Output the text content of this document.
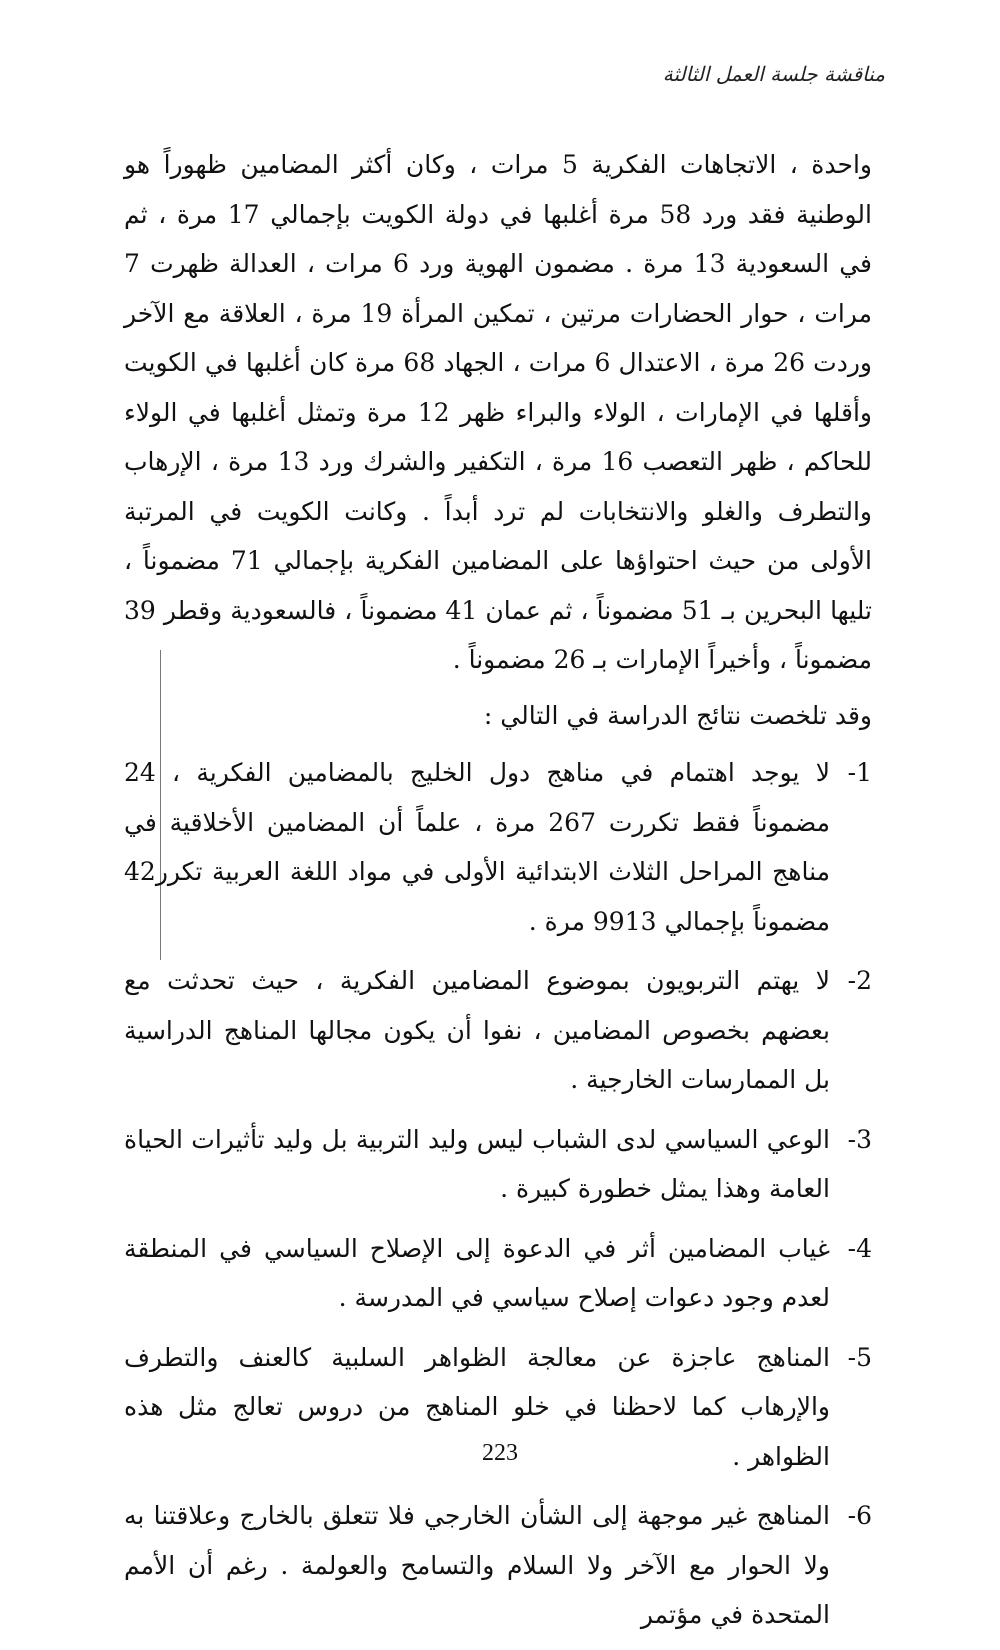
مناقشة جلسة العمل الثالثة

واحدة ، الاتجاهات الفكرية 5 مرات ، وكان أكثر المضامين ظهوراً هو الوطنية فقد ورد 58 مرة أغلبها في دولة الكويت بإجمالي 17 مرة ، ثم في السعودية 13 مرة . مضمون الهوية ورد 6 مرات ، العدالة ظهرت 7 مرات ، حوار الحضارات مرتين ، تمكين المرأة 19 مرة ، العلاقة مع الآخر وردت 26 مرة ، الاعتدال 6 مرات ، الجهاد 68 مرة كان أغلبها في الكويت وأقلها في الإمارات ، الولاء والبراء ظهر 12 مرة وتمثل أغلبها في الولاء للحاكم ، ظهر التعصب 16 مرة ، التكفير والشرك ورد 13 مرة ، الإرهاب والتطرف والغلو والانتخابات لم ترد أبداً . وكانت الكويت في المرتبة الأولى من حيث احتواؤها على المضامين الفكرية بإجمالي 71 مضموناً ، تليها البحرين بـ 51 مضموناً ، ثم عمان 41 مضموناً ، فالسعودية وقطر 39 مضموناً ، وأخيراً الإمارات بـ 26 مضموناً .

وقد تلخصت نتائج الدراسة في التالي :

1-
لا يوجد اهتمام في مناهج دول الخليج بالمضامين الفكرية ، 24 مضموناً فقط تكررت 267 مرة ، علماً أن المضامين الأخلاقية في مناهج المراحل الثلاث الابتدائية الأولى في مواد اللغة العربية تكرر42 مضموناً بإجمالي 9913 مرة .
2-
لا يهتم التربويون بموضوع المضامين الفكرية ، حيث تحدثت مع بعضهم بخصوص المضامين ، نفوا أن يكون مجالها المناهج الدراسية بل الممارسات الخارجية .
3-
الوعي السياسي لدى الشباب ليس وليد التربية بل وليد تأثيرات الحياة العامة وهذا يمثل خطورة كبيرة .
4-
غياب المضامين أثر في الدعوة إلى الإصلاح السياسي في المنطقة لعدم وجود دعوات إصلاح سياسي في المدرسة .
5-
المناهج عاجزة عن معالجة الظواهر السلبية كالعنف والتطرف والإرهاب كما لاحظنا في خلو المناهج من دروس تعالج مثل هذه الظواهر .
6-
المناهج غير موجهة إلى الشأن الخارجي فلا تتعلق بالخارج وعلاقتنا به ولا الحوار مع الآخر ولا السلام والتسامح والعولمة . رغم أن الأمم المتحدة في مؤتمر
223
